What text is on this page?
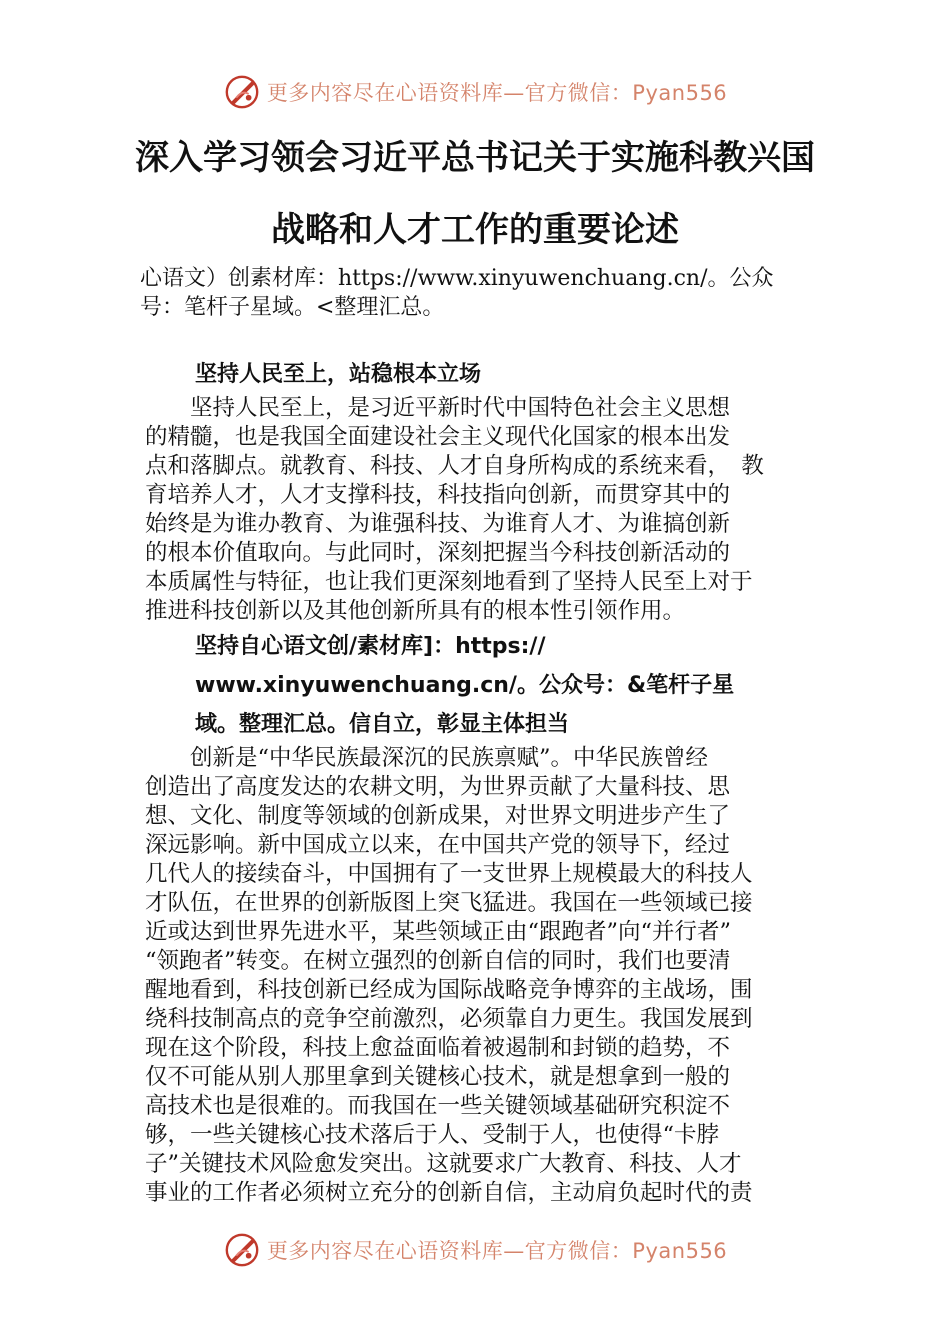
更多内容尽在心语资料库—官方微信：Pyan556
深入学习领会习近平总书记关于实施科教兴国
战略和人才工作的重要论述
心语文）创素材库：https://www.xinyuwenchuang.cn/。公众
号：笔杆子星域。<整理汇总。
坚持人民至上，站稳根本立场
　　坚持人民至上，是习近平新时代中国特色社会主义思想
的精髓，也是我国全面建设社会主义现代化国家的根本出发
点和落脚点。就教育、科技、人才自身所构成的系统来看，　教
育培养人才，人才支撑科技，科技指向创新，而贯穿其中的
始终是为谁办教育、为谁强科技、为谁育人才、为谁搞创新
的根本价值取向。与此同时，深刻把握当今科技创新活动的
本质属性与特征，也让我们更深刻地看到了坚持人民至上对于
推进科技创新以及其他创新所具有的根本性引领作用。
坚持自心语文创/素材库]：https://
www.xinyuwenchuang.cn/。公众号：&笔杆子星
域。整理汇总。信自立，彰显主体担当
　　创新是“中华民族最深沉的民族禀赋”。中华民族曾经
创造出了高度发达的农耕文明，为世界贡献了大量科技、思
想、文化、制度等领域的创新成果，对世界文明进步产生了
深远影响。新中国成立以来，在中国共产党的领导下，经过
几代人的接续奋斗，中国拥有了一支世界上规模最大的科技人
才队伍，在世界的创新版图上突飞猛进。我国在一些领域已接
近或达到世界先进水平，某些领域正由“跟跑者”向“并行者”
“领跑者”转变。在树立强烈的创新自信的同时，我们也要清
醒地看到，科技创新已经成为国际战略竞争博弈的主战场，围
绕科技制高点的竞争空前激烈，必须靠自力更生。我国发展到
现在这个阶段，科技上愈益面临着被遏制和封锁的趋势，不
仅不可能从别人那里拿到关键核心技术，就是想拿到一般的
高技术也是很难的。而我国在一些关键领域基础研究积淀不
够，一些关键核心技术落后于人、受制于人，也使得“卡脖
子”关键技术风险愈发突出。这就要求广大教育、科技、人才
事业的工作者必须树立充分的创新自信，主动肩负起时代的责
更多内容尽在心语资料库—官方微信：Pyan556
